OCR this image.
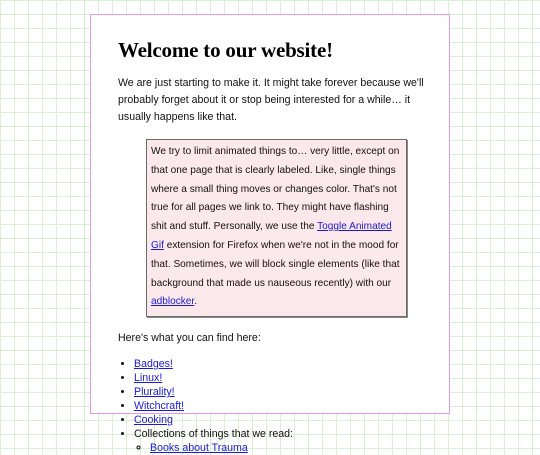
Welcome to our website!

We are just starting to make it. It might take forever because we'll probably forget about it or stop being interested for a while… it usually happens like that.

We try to limit animated things to… very little, except on that one page that is clearly labeled. Like, single things where a small thing moves or changes color. That's not true for all pages we link to. They might have flashing shit and stuff. Personally, we use the Toggle Animated Gif extension for Firefox when we're not in the mood for that. Sometimes, we will block single elements (like that background that made us nauseous recently) with our adblocker.

Here's what you can find here:

• Badges!
• Linux!
• Plurality!
• Witchcraft!
• Cooking
• Collections of things that we read:
◦ Books about Trauma
